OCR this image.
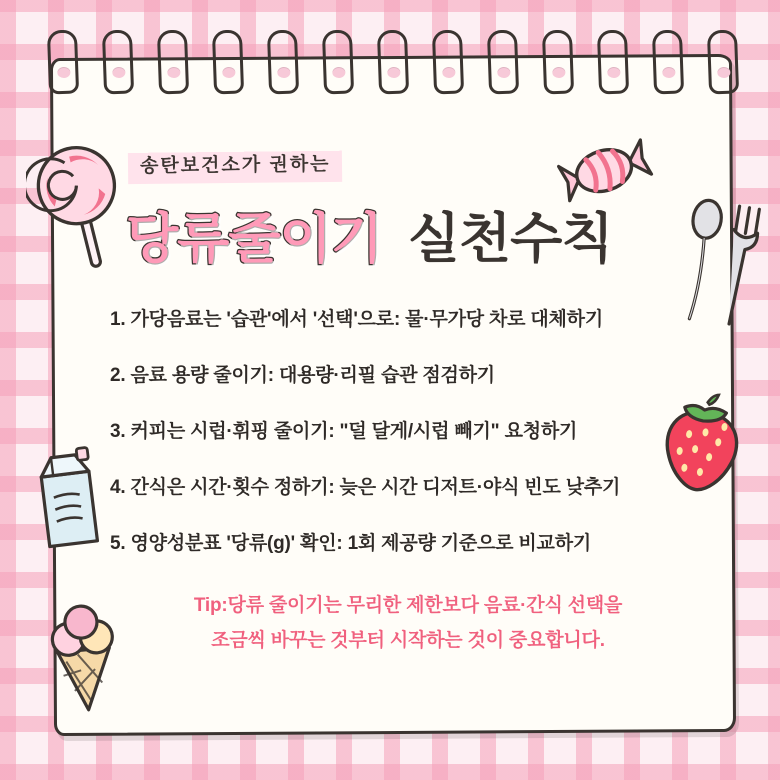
송탄보건소가 권하는
당류줄이기 실천수칙
1. 가당음료는 '습관'에서 '선택'으로: 물·무가당 차로 대체하기
2. 음료 용량 줄이기: 대용량·리필 습관 점검하기
3. 커피는 시럽·휘핑 줄이기: "덜 달게/시럽 빼기" 요청하기
4. 간식은 시간·횟수 정하기: 늦은 시간 디저트·야식 빈도 낮추기
5. 영양성분표 '당류(g)' 확인: 1회 제공량 기준으로 비교하기
Tip:당류 줄이기는 무리한 제한보다 음료·간식 선택을
조금씩 바꾸는 것부터 시작하는 것이 중요합니다.
